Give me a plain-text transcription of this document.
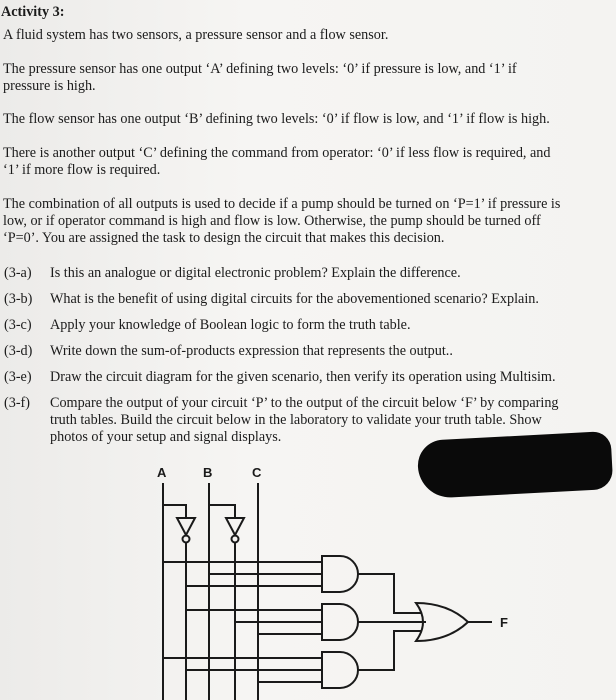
Activity 3:
A fluid system has two sensors, a pressure sensor and a flow sensor.
The pressure sensor has one output ‘A’ defining two levels: ‘0’ if pressure is low, and ‘1’ if
pressure is high.
The flow sensor has one output ‘B’ defining two levels: ‘0’ if flow is low, and ‘1’ if flow is high.
There is another output ‘C’ defining the command from operator: ‘0’ if less flow is required, and
‘1’ if more flow is required.
The combination of all outputs is used to decide if a pump should be turned on ‘P=1’ if pressure is
low, or if operator command is high and flow is low. Otherwise, the pump should be turned off
‘P=0’. You are assigned the task to design the circuit that makes this decision.
(3-a) Is this an analogue or digital electronic problem? Explain the difference.
(3-b) What is the benefit of using digital circuits for the abovementioned scenario? Explain.
(3-c) Apply your knowledge of Boolean logic to form the truth table.
(3-d) Write down the sum-of-products expression that represents the output..
(3-e) Draw the circuit diagram for the given scenario, then verify its operation using Multisim.
(3-f) Compare the output of your circuit ‘P’ to the output of the circuit below ‘F’ by comparing
truth tables. Build the circuit below in the laboratory to validate your truth table. Show
photos of your setup and signal displays.
A	B	C
F
